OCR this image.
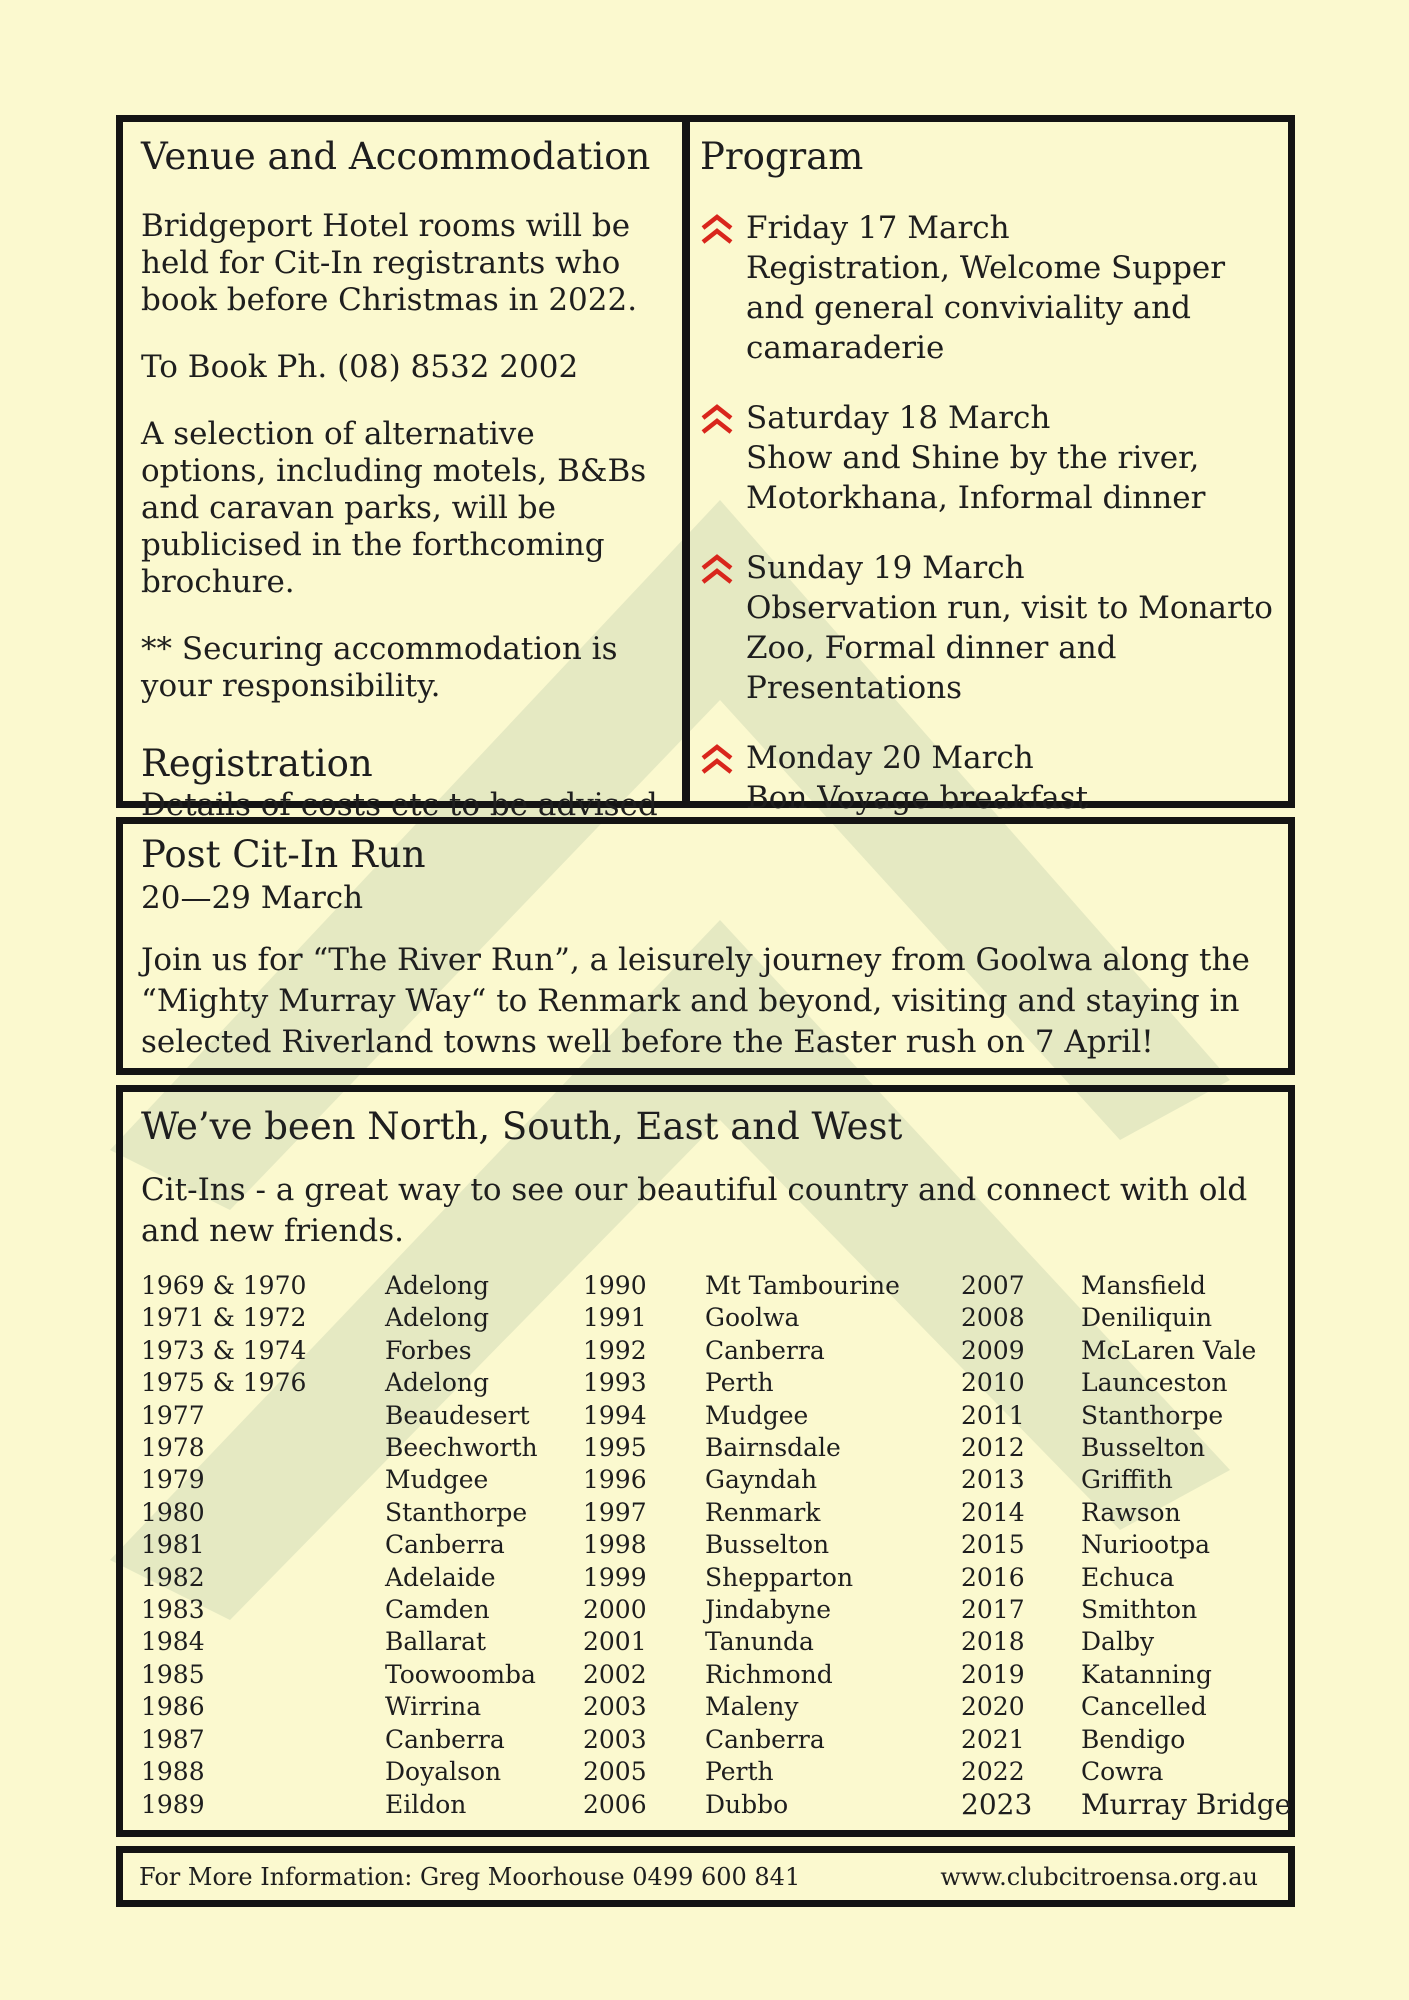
Venue and Accommodation

Bridgeport Hotel rooms will be held for Cit-In registrants who book before Christmas in 2022.

To Book Ph. (08) 8532 2002

A selection of alternative options, including motels, B&Bs and caravan parks, will be publicised in the forthcoming brochure.

** Securing accommodation is your responsibility.

Registration

Details of costs etc to be advised

Program
Friday 17 March
Registration, Welcome Supper and general conviviality and camaraderie
Saturday 18 March
Show and Shine by the river, Motorkhana, Informal dinner
Sunday 19 March
Observation run, visit to Monarto Zoo, Formal dinner and Presentations
Monday 20 March
Bon Voyage breakfast
Post Cit-In Run
20—29 March
Join us for “The River Run”, a leisurely journey from Goolwa along the “Mighty Murray Way“ to Renmark and beyond, visiting and staying in selected Riverland towns well before the Easter rush on 7 April!
We’ve been North, South, East and West
Cit-Ins - a great way to see our beautiful country and connect with old and new friends.
1969 & 1970
1971 & 1972
1973 & 1974
1975 & 1976
1977
1978
1979
1980
1981
1982
1983
1984
1985
1986
1987
1988
1989
Adelong
Adelong
Forbes
Adelong
Beaudesert
Beechworth
Mudgee
Stanthorpe
Canberra
Adelaide
Camden
Ballarat
Toowoomba
Wirrina
Canberra
Doyalson
Eildon
1990
1991
1992
1993
1994
1995
1996
1997
1998
1999
2000
2001
2002
2003
2003
2005
2006
Mt Tambourine
Goolwa
Canberra
Perth
Mudgee
Bairnsdale
Gayndah
Renmark
Busselton
Shepparton
Jindabyne
Tanunda
Richmond
Maleny
Canberra
Perth
Dubbo
2007
2008
2009
2010
2011
2012
2013
2014
2015
2016
2017
2018
2019
2020
2021
2022
2023
Mansfield
Deniliquin
McLaren Vale
Launceston
Stanthorpe
Busselton
Griffith
Rawson
Nuriootpa
Echuca
Smithton
Dalby
Katanning
Cancelled
Bendigo
Cowra
Murray Bridge
For More Information: Greg Moorhouse 0499 600 841	www.clubcitroensa.org.au
